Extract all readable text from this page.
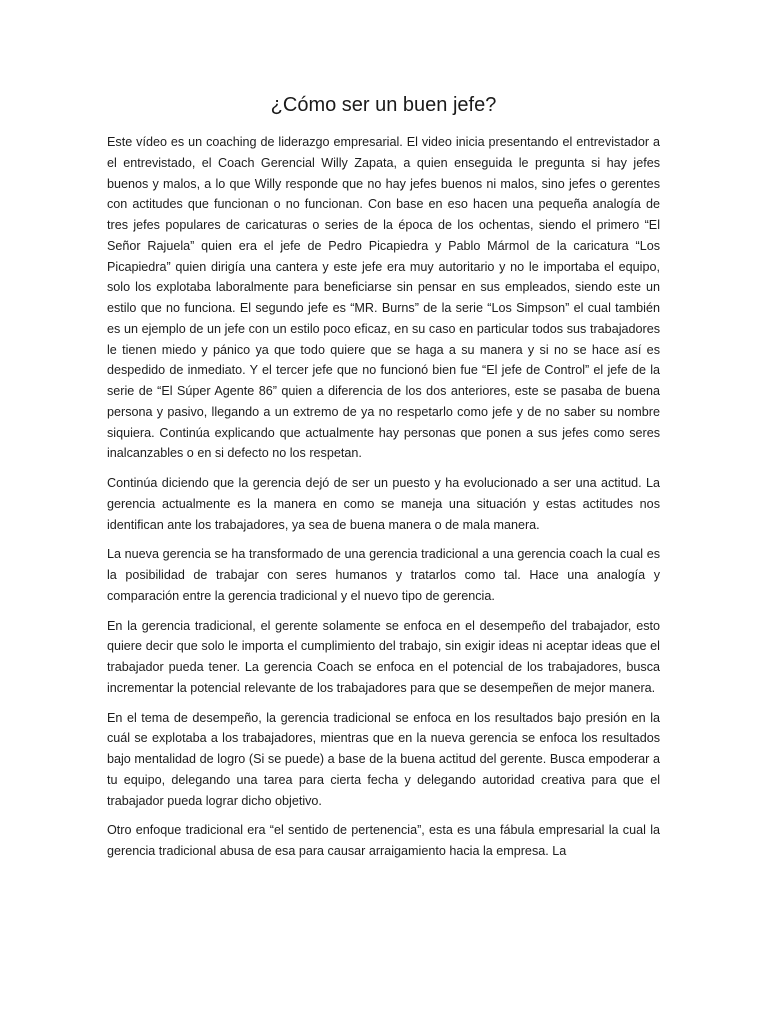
¿Cómo ser un buen jefe?

Este vídeo es un coaching de liderazgo empresarial. El video inicia presentando el entrevistador a el entrevistado, el Coach Gerencial Willy Zapata, a quien enseguida le pregunta si hay jefes buenos y malos, a lo que Willy responde que no hay jefes buenos ni malos, sino jefes o gerentes con actitudes que funcionan o no funcionan. Con base en eso hacen una pequeña analogía de tres jefes populares de caricaturas o series de la época de los ochentas, siendo el primero “El Señor Rajuela” quien era el jefe de Pedro Picapiedra y Pablo Mármol de la caricatura “Los Picapiedra” quien dirigía una cantera y este jefe era muy autoritario y no le importaba el equipo, solo los explotaba laboralmente para beneficiarse sin pensar en sus empleados, siendo este un estilo que no funciona. El segundo jefe es “MR. Burns” de la serie “Los Simpson” el cual también es un ejemplo de un jefe con un estilo poco eficaz, en su caso en particular todos sus trabajadores le tienen miedo y pánico ya que todo quiere que se haga a su manera y si no se hace así es despedido de inmediato. Y el tercer jefe que no funcionó bien fue “El jefe de Control” el jefe de la serie de “El Súper Agente 86” quien a diferencia de los dos anteriores, este se pasaba de buena persona y pasivo, llegando a un extremo de ya no respetarlo como jefe y de no saber su nombre siquiera. Continúa explicando que actualmente hay personas que ponen a sus jefes como seres inalcanzables o en si defecto no los respetan.

Continúa diciendo que la gerencia dejó de ser un puesto y ha evolucionado a ser una actitud. La gerencia actualmente es la manera en como se maneja una situación y estas actitudes nos identifican ante los trabajadores, ya sea de buena manera o de mala manera.

La nueva gerencia se ha transformado de una gerencia tradicional a una gerencia coach la cual es la posibilidad de trabajar con seres humanos y tratarlos como tal. Hace una analogía y comparación entre la gerencia tradicional y el nuevo tipo de gerencia.

En la gerencia tradicional, el gerente solamente se enfoca en el desempeño del trabajador, esto quiere decir que solo le importa el cumplimiento del trabajo, sin exigir ideas ni aceptar ideas que el trabajador pueda tener. La gerencia Coach se enfoca en el potencial de los trabajadores, busca incrementar la potencial relevante de los trabajadores para que se desempeñen de mejor manera.

En el tema de desempeño, la gerencia tradicional se enfoca en los resultados bajo presión en la cuál se explotaba a los trabajadores, mientras que en la nueva gerencia se enfoca los resultados bajo mentalidad de logro (Si se puede) a base de la buena actitud del gerente. Busca empoderar a tu equipo, delegando una tarea para cierta fecha y delegando autoridad creativa para que el trabajador pueda lograr dicho objetivo.

Otro enfoque tradicional era “el sentido de pertenencia”, esta es una fábula empresarial la cual la gerencia tradicional abusa de esa para causar arraigamiento hacia la empresa. La
